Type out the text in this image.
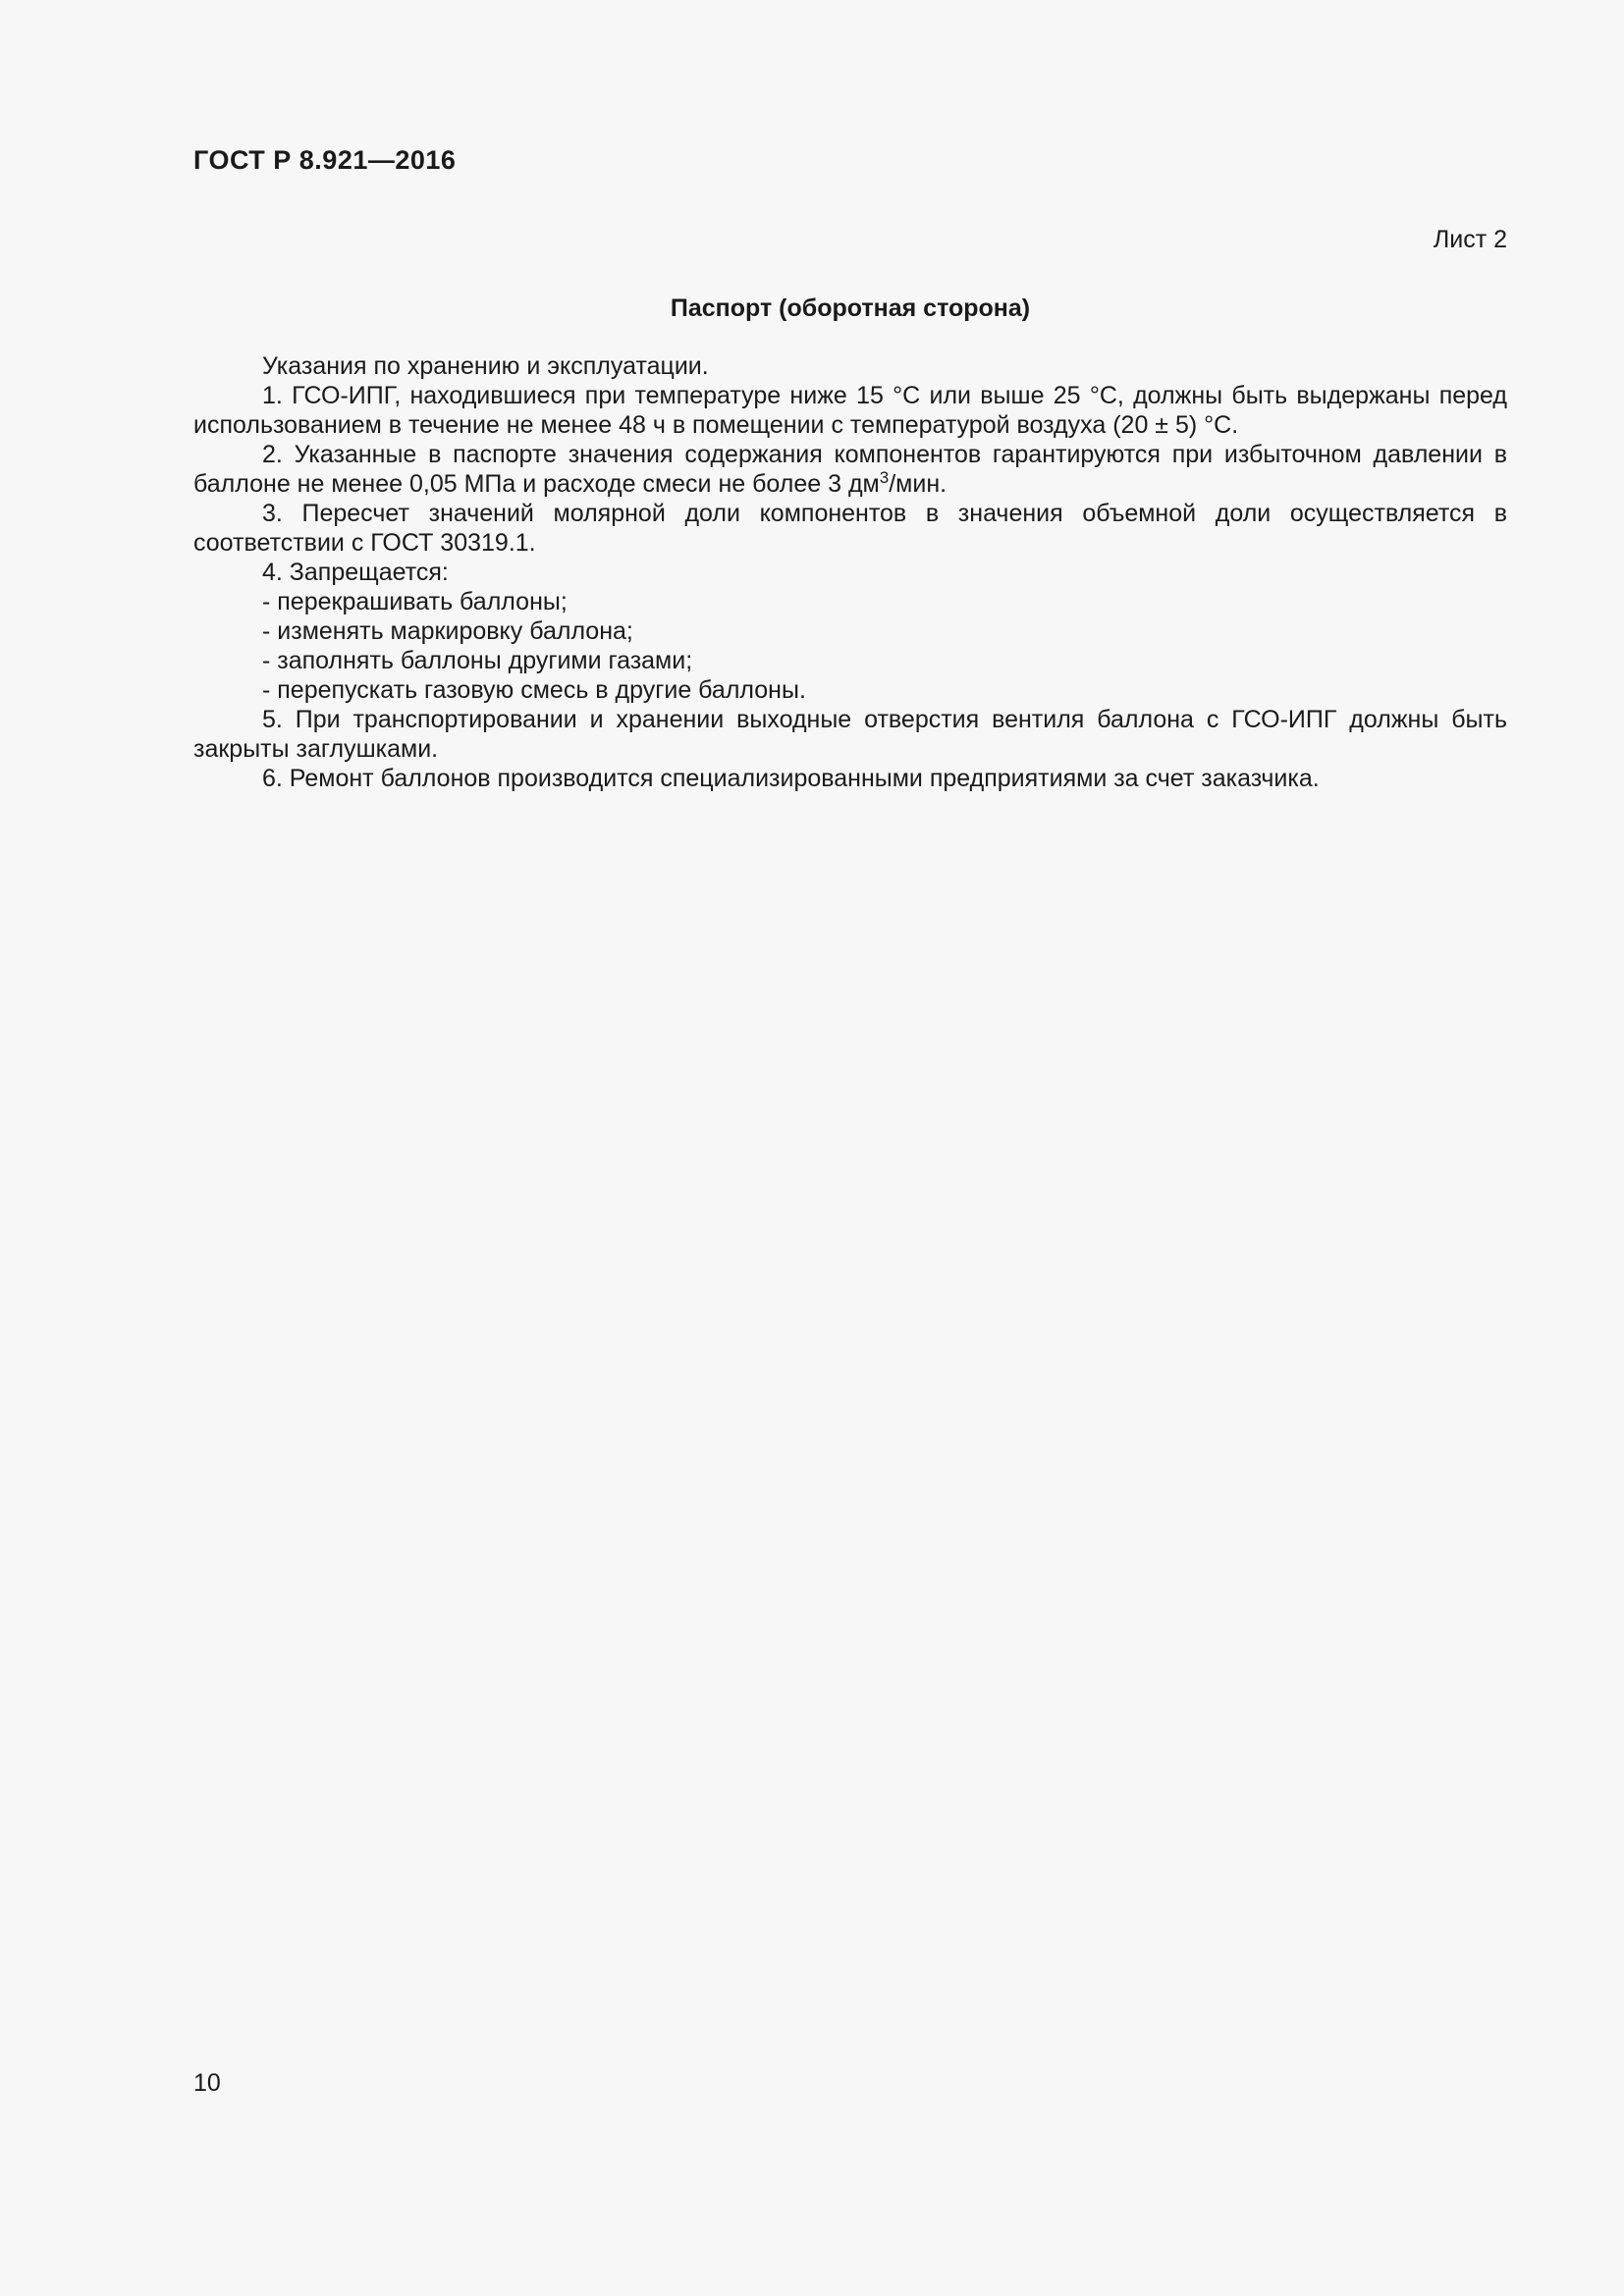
ГОСТ Р 8.921—2016

Лист 2

Паспорт (оборотная сторона)

Указания по хранению и эксплуатации.

1. ГСО-ИПГ, находившиеся при температуре ниже 15 °С или выше 25 °С, должны быть выдержаны перед использованием в течение не менее 48 ч в помещении с температурой воздуха (20 ± 5) °С.

2. Указанные в паспорте значения содержания компонентов гарантируются при избыточном давлении в баллоне не менее 0,05 МПа и расходе смеси не более 3 $дм^3$/мин.

3. Пересчет значений молярной доли компонентов в значения объемной доли осуществляется в соответствии с ГОСТ 30319.1.

4. Запрещается:

- перекрашивать баллоны;

- изменять маркировку баллона;

- заполнять баллоны другими газами;

- перепускать газовую смесь в другие баллоны.

5. При транспортировании и хранении выходные отверстия вентиля баллона с ГСО-ИПГ должны быть закрыты заглушками.

6. Ремонт баллонов производится специализированными предприятиями за счет заказчика.

10
